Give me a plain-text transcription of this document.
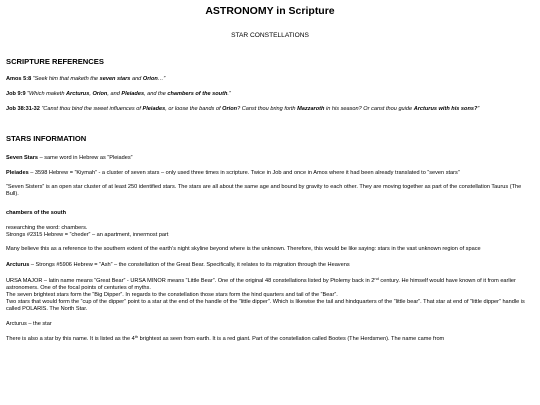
ASTRONOMY in Scripture
STAR CONSTELLATIONS
SCRIPTURE REFERENCES

Amos 5:8 “Seek him that maketh the seven stars and Orion…”

Job 9:9 “Which maketh Arcturus, Orion, and Pleiades, and the chambers of the south.”

Job 38:31-32 “Canst thou bind the sweet influences of Pleiades, or loose the bands of Orion? Canst thou bring forth Mazzaroth in his season? Or canst thou guide Arcturus with his sons?”

STARS INFORMATION

Seven Stars – same word in Hebrew as “Pleiades”

Pleiades – 3598 Hebrew = “Kiymah” - a cluster of seven stars – only used three times in scripture. Twice in Job and once in Amos where it had been already translated to “seven stars”

“Seven Sisters” is an open star cluster of at least 250 identified stars. The stars are all about the same age and bound by gravity to each other. They are moving together as part of the constellation Taurus (The Bull).

chambers of the south

researching the word: chambers.

Strongs #2315 Hebrew = “cheder” – an apartment, innermost part

Many believe this as a reference to the southern extent of the earth’s night skyline beyond where is the unknown. Therefore, this would be like saying: stars in the vast unknown region of space

Arcturus – Strongs #5906 Hebrew = “Ash” – the constellation of the Great Bear. Specifically, it relates to its migration through the Heavens

URSA MAJOR – latin name means “Great Bear” - URSA MINOR means “Little Bear”. One of the original 48 constellations listed by Ptolemy back in 2nd century. He himself would have known of it from earlier astronomers. One of the focal points of centuries of myths.

The seven brightest stars form the “Big Dipper”. In regards to the constellation those stars form the hind quarters and tail of the “Bear”.

Two stars that would form the “cup of the dipper” point to a star at the end of the handle of the “little dipper”. Which is likewise the tail and hindquarters of the “little bear”. That star at end of “little dipper” handle is called POLARIS. The North Star.

Arcturus – the star

There is also a star by this name. It is listed as the 4th brightest as seen from earth. It is a red giant. Part of the constellation called Bootes (The Herdsmen). The name came from
